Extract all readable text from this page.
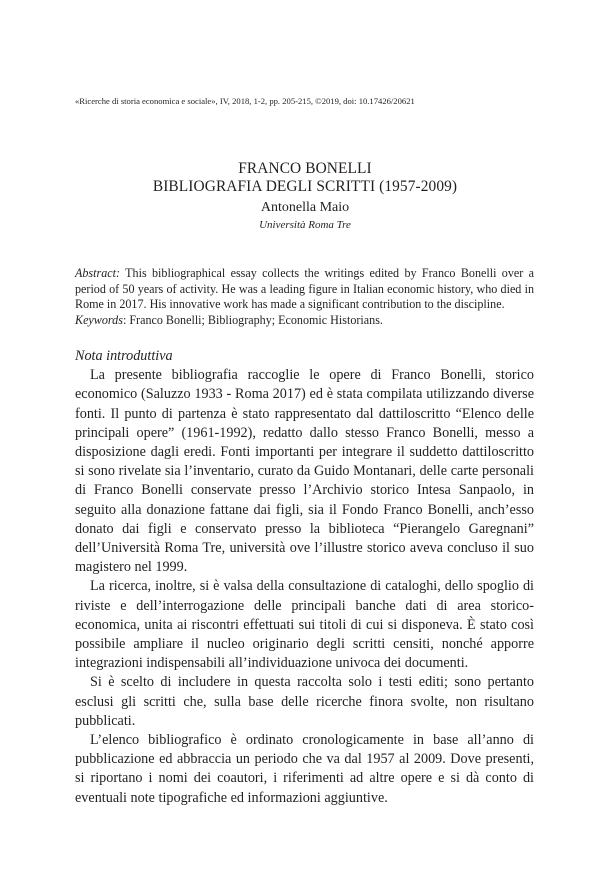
«Ricerche di storia economica e sociale», IV, 2018, 1-2, pp. 205-215, ©2019, doi: 10.17426/20621
FRANCO BONELLI
BIBLIOGRAFIA DEGLI SCRITTI (1957-2009)
Antonella Maio
Università Roma Tre

Abstract: This bibliographical essay collects the writings edited by Franco Bonelli over a period of 50 years of activity. He was a leading figure in Italian economic history, who died in Rome in 2017. His innovative work has made a significant contribution to the discipline.

Keywords: Franco Bonelli; Bibliography; Economic Historians.

Nota introduttiva

La presente bibliografia raccoglie le opere di Franco Bonelli, storico economico (Saluzzo 1933 - Roma 2017) ed è stata compilata utilizzando diverse fonti. Il punto di partenza è stato rappresentato dal dattiloscritto “Elenco delle principali opere” (1961-1992), redatto dallo stesso Franco Bonelli, messo a disposizione dagli eredi. Fonti importanti per integrare il suddetto dattiloscritto si sono rivelate sia l’inventario, curato da Guido Montanari, delle carte personali di Franco Bonelli conservate presso l’Archivio storico Intesa Sanpaolo, in seguito alla donazione fattane dai figli, sia il Fondo Franco Bonelli, anch’esso donato dai figli e conservato presso la biblioteca “Pierangelo Garegnani” dell’Università Roma Tre, università ove l’illustre storico aveva concluso il suo magistero nel 1999.

La ricerca, inoltre, si è valsa della consultazione di cataloghi, dello spoglio di riviste e dell’interrogazione delle principali banche dati di area storico-economica, unita ai riscontri effettuati sui titoli di cui si disponeva. È stato così possibile ampliare il nucleo originario degli scritti censiti, nonché apporre integrazioni indispensabili all’individuazione univoca dei documenti.

Si è scelto di includere in questa raccolta solo i testi editi; sono pertanto esclusi gli scritti che, sulla base delle ricerche finora svolte, non risultano pubblicati.

L’elenco bibliografico è ordinato cronologicamente in base all’anno di pubblicazione ed abbraccia un periodo che va dal 1957 al 2009. Dove presenti, si riportano i nomi dei coautori, i riferimenti ad altre opere e si dà conto di eventuali note tipografiche ed informazioni aggiuntive.
